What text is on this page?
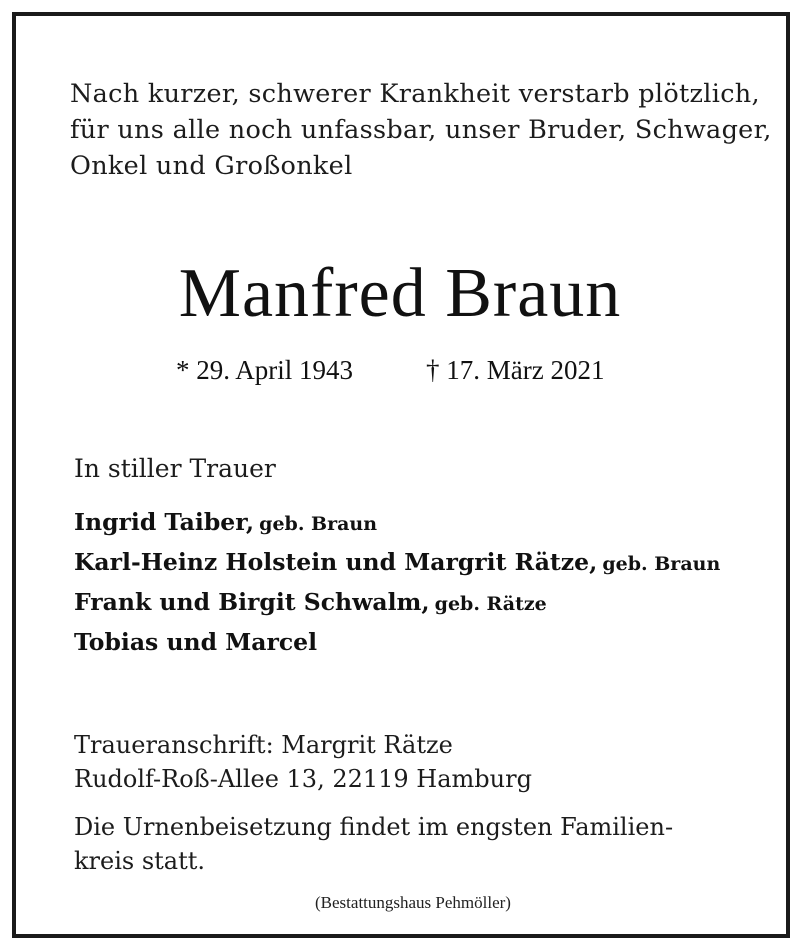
Nach kurzer, schwerer Krankheit verstarb plötzlich,
für uns alle noch unfassbar, unser Bruder, Schwager,
Onkel und Großonkel
Manfred Braun
* 29. April 1943	† 17. März 2021
In stiller Trauer
Ingrid Taiber, geb. Braun
Karl-Heinz Holstein und Margrit Rätze, geb. Braun
Frank und Birgit Schwalm, geb. Rätze
Tobias und Marcel
Traueranschrift: Margrit Rätze
Rudolf-Roß-Allee 13, 22119 Hamburg
Die Urnenbeisetzung findet im engsten Familien-
kreis statt.
(Bestattungshaus Pehmöller)
